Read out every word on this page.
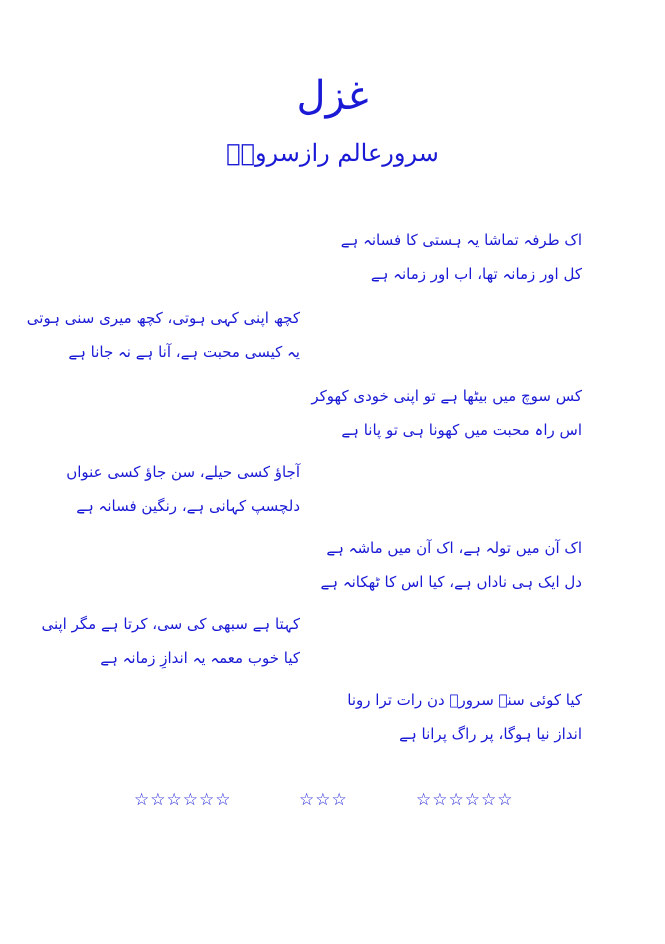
غزل
سرورعالم رازسرورؔ
اک طرفہ تماشا یہ ہستی کا فسانہ ہے
کل اور زمانہ تھا، اب اور زمانہ ہے
کچھ اپنی کہی ہوتی، کچھ میری سنی ہوتی
یہ کیسی محبت ہے، آنا ہے نہ جانا ہے
کس سوچ میں بیٹھا ہے تو اپنی خودی کھوکر
اس راہ محبت میں کھونا ہی تو پانا ہے
آجاؤ کسی حیلے، سن جاؤ کسی عنواں
دلچسپ کہانی ہے، رنگین فسانہ ہے
اک آن میں تولہ ہے، اک آن میں ماشہ ہے
دل ایک ہی ناداں ہے، کیا اس کا ٹھکانہ ہے
کہتا ہے سبھی کی سی، کرتا ہے مگر اپنی
کیا خوب معمہ یہ اندازِ زمانہ ہے
کیا کوئی سنے سرورؔ دن رات ترا رونا
انداز نیا ہوگا، پر راگ پرانا ہے
☆☆☆☆☆☆	☆☆☆	☆☆☆☆☆☆
